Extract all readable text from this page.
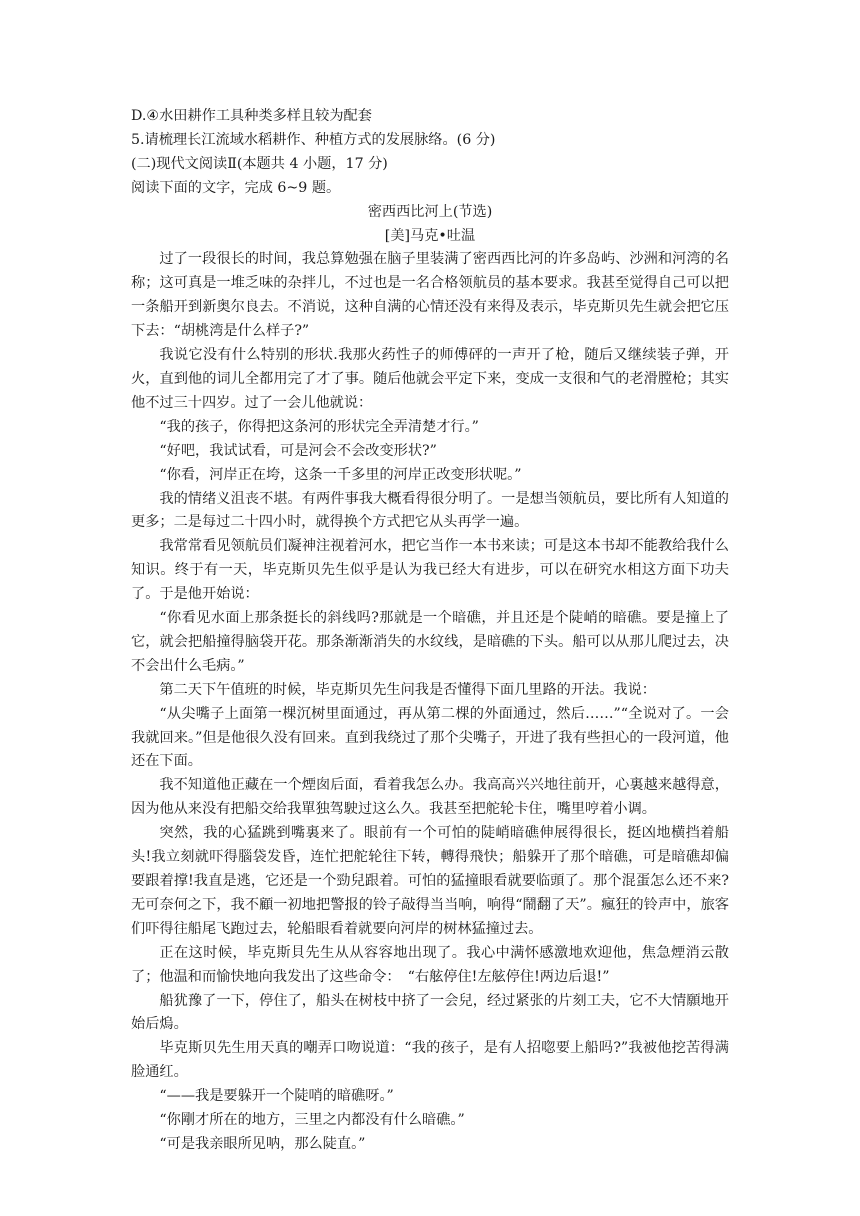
D.④水田耕作工具种类多样且较为配套

5.请梳理长江流域水稻耕作、种植方式的发展脉络。(6 分)

(二)现代文阅读Ⅱ(本题共 4 小题，17 分)

阅读下面的文字，完成 6~9 题。

密西西比河上(节选)

[美]马克•吐温

过了一段很长的时间，我总算勉强在脑子里装满了密西西比河的许多岛屿、沙洲和河湾的名称；这可真是一堆乏味的杂拌儿，不过也是一名合格领航员的基本要求。我甚至觉得自己可以把一条船开到新奥尔良去。不消说，这种自满的心情还没有来得及表示，毕克斯贝先生就会把它压下去：“胡桃湾是什么样子?”

我说它没有什么特别的形状.我那火药性子的师傅砰的一声开了枪，随后又继续装子弹，开火，直到他的词儿全都用完了才了事。随后他就会平定下来，变成一支很和气的老滑膛枪；其实他不过三十四岁。过了一会儿他就说：

“我的孩子，你得把这条河的形状完全弄清楚才行。”

“好吧，我试试看，可是河会不会改变形状?”

“你看，河岸正在垮，这条一千多里的河岸正改变形状呢。”

我的情绪义沮丧不堪。有两件事我大概看得很分明了。一是想当领航员，要比所有人知道的更多；二是每过二十四小时，就得换个方式把它从头再学一遍。

我常常看见领航员们凝神注视着河水，把它当作一本书来读；可是这本书却不能教给我什么知识。终于有一天，毕克斯贝先生似乎是认为我已经大有进步，可以在研究水相这方面下功夫了。于是他开始说：

“你看见水面上那条挺长的斜线吗?那就是一个暗礁，并且还是个陡峭的暗礁。要是撞上了它，就会把船撞得脑袋开花。那条渐渐消失的水纹线，是暗礁的下头。船可以从那儿爬过去，决不会出什么毛病。”

第二天下午值班的时候，毕克斯贝先生问我是否懂得下面几里路的开法。我说：

“从尖嘴子上面第一棵沉树里面通过，再从第二棵的外面通过，然后……”“全说对了。一会我就回来。”但是他很久没有回来。直到我绕过了那个尖嘴子，开进了我有些担心的一段河道，他还在下面。

我不知道他正藏在一个煙囱后面，看着我怎么办。我高高兴兴地往前开，心裏越来越得意，因为他从来没有把船交给我單独驾駛过这么久。我甚至把舵轮卡住，嘴里哼着小调。

突然，我的心猛跳到嘴裏来了。眼前有一个可怕的陡峭暗礁伸展得很长，挺凶地横挡着船头!我立刻就吓得腦袋发昏，连忙把舵轮往下转，轉得飛快；船躲开了那个暗礁，可是暗礁却偏要跟着撑!我直是逃，它还是一个勁兒跟着。可怕的猛撞眼看就要临頭了。那个混蛋怎么还不来?无可奈何之下，我不顧一初地把警报的铃子敲得当当响，响得“鬧翻了天”。瘋狂的铃声中，旅客们吓得往船尾飞跑过去，轮船眼看着就要向河岸的树林猛撞过去。

正在这时候，毕克斯貝先生从从容容地出现了。我心中满怀感激地欢迎他，焦急煙消云散了；他温和而愉快地向我发出了这些命令：　“右舷停住!左舷停住!两边后退!”

船犹豫了一下，停住了，船头在树枝中挤了一会兒，经过紧张的片刻工夫，它不大情願地开始后熓。

毕克斯贝先生用天真的嘲弄口吻说道：“我的孩子，是有人招唿要上船吗?”我被他挖苦得满脸通红。

“——我是要躲开一个陡哨的暗礁呀。”

“你剛才所在的地方，三里之内都没有什么暗礁。”

“可是我亲眼所见呐，那么陡直。”
